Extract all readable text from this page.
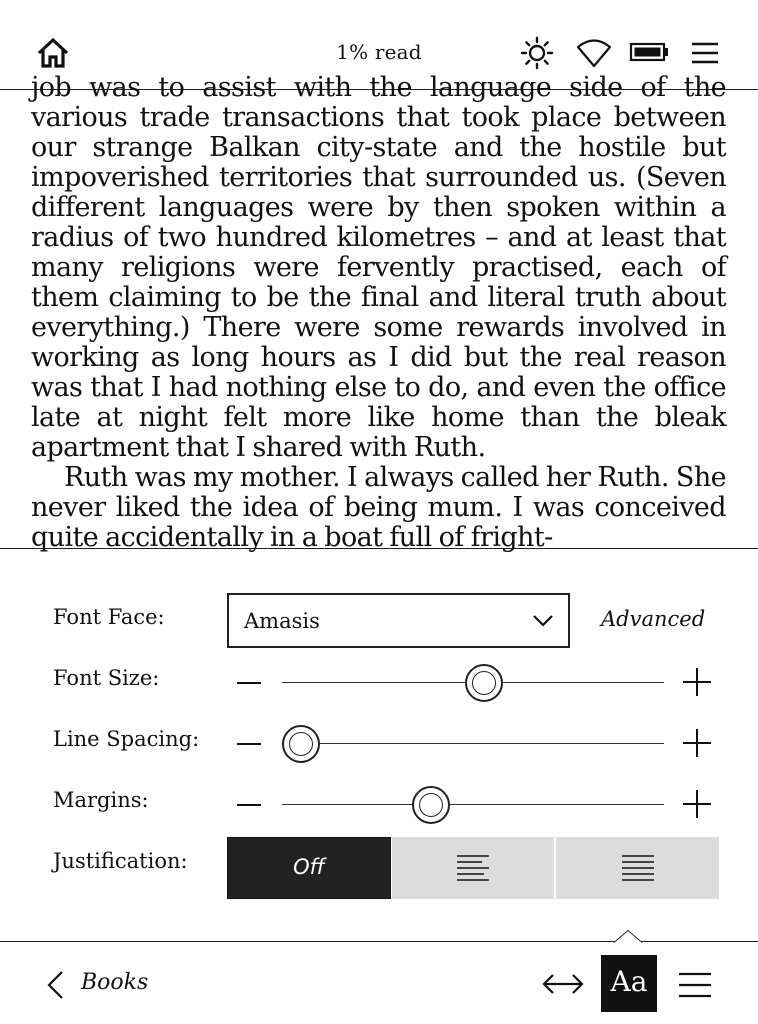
1% read

job was to assist with the language side of the various trade transactions that took place between our strange Balkan city-state and the hostile but impoverished territories that surrounded us. (Seven different languages were by then spoken within a radius of two hundred kilometres – and at least that many religions were fervently practised, each of them claiming to be the final and literal truth about everything.) There were some rewards involved in working as long hours as I did but the real reason was that I had nothing else to do, and even the office late at night felt more like home than the bleak apartment that I shared with Ruth.

Ruth was my mother. I always called her Ruth. She never liked the idea of being mum. I was conceived quite accidentally in a boat full of fright-

Font Face:	Amasis	Advanced
Font Size:
Line Spacing:
Margins:
Justification:	Off
Books	Aa
